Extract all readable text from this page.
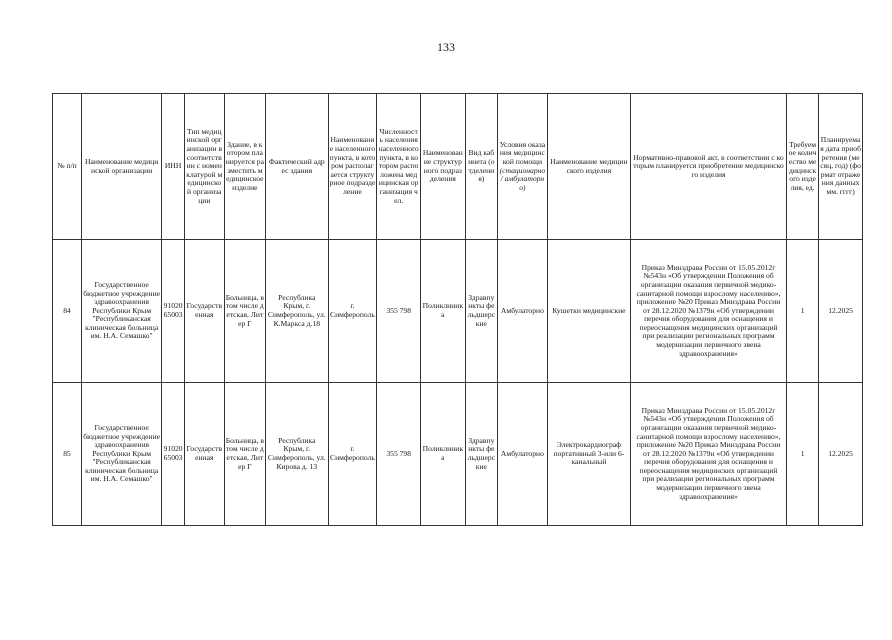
133
№ п/п	Наименование медицинской организации	ИНН	Тип медицинской организации в соответствии с номенклатурой медицинской организации	Здание, в котором планируется разместить медицинское изделие	Фактический адрес здания	Наименование населенного пункта, в котором располагается структурное подразделение	Численность населения населенного пункта, в котором расположена медицинская организация чел.	Наименование структурного подразделения	Вид кабинета (отделения)	Условия оказания медицинской помощи (стационарно / амбулаторно)	Наименование медицинского изделия	Нормативно-правовой акт, в соответствии с которым планируется приобретение медицинского изделия	Требуемое количество медицинского изделия, ед.	Планируемая дата приобретения (месяц, год) (формат отражения данных мм. гггг)
84	Государственное бюджетное учреждение здравоохранения Республики Крым "Республиканская клиническая больница им. Н.А. Семашко"	9102065003	Государственная	Больница, в том числе детская, Литер Г	Республика Крым, г. Симферополь, ул. К.Маркса д.18	г. Симферополь	355 798	Поликлиника	Здравпункты фельдшерские	Амбулаторно	Кушетки медицинские	Приказ Минздрава России от 15.05.2012г №543н «Об утверждении Положения об организации оказания первичной медико-санитарной помощи взрослому населению», приложение №20 Приказ Минздрава России от 28.12.2020 №1379н «Об утверждении перечня оборудования для оснащения и переоснащения медицинских организаций при реализации региональных программ модернизации первичного звена здравоохранения»	1	12.2025
85	Государственное бюджетное учреждение здравоохранения Республики Крым "Республиканская клиническая больница им. Н.А. Семашко"	9102065003	Государственная	Больница, в том числе детская, Литер Г	Республика Крым, г. Симферополь, ул. Кирова д. 13	г. Симферополь	355 798	Поликлиника	Здравпункты фельдшерские	Амбулаторно	Электрокардиограф портативный 3-или 6-канальный	Приказ Минздрава России от 15.05.2012г №543н «Об утверждении Положения об организации оказания первичной медико-санитарной помощи взрослому населению», приложение №20 Приказ Минздрава России от 28.12.2020 №1379н «Об утверждении перечня оборудования для оснащения и переоснащения медицинских организаций при реализации региональных программ модернизации первичного звена здравоохранения»	1	12.2025
